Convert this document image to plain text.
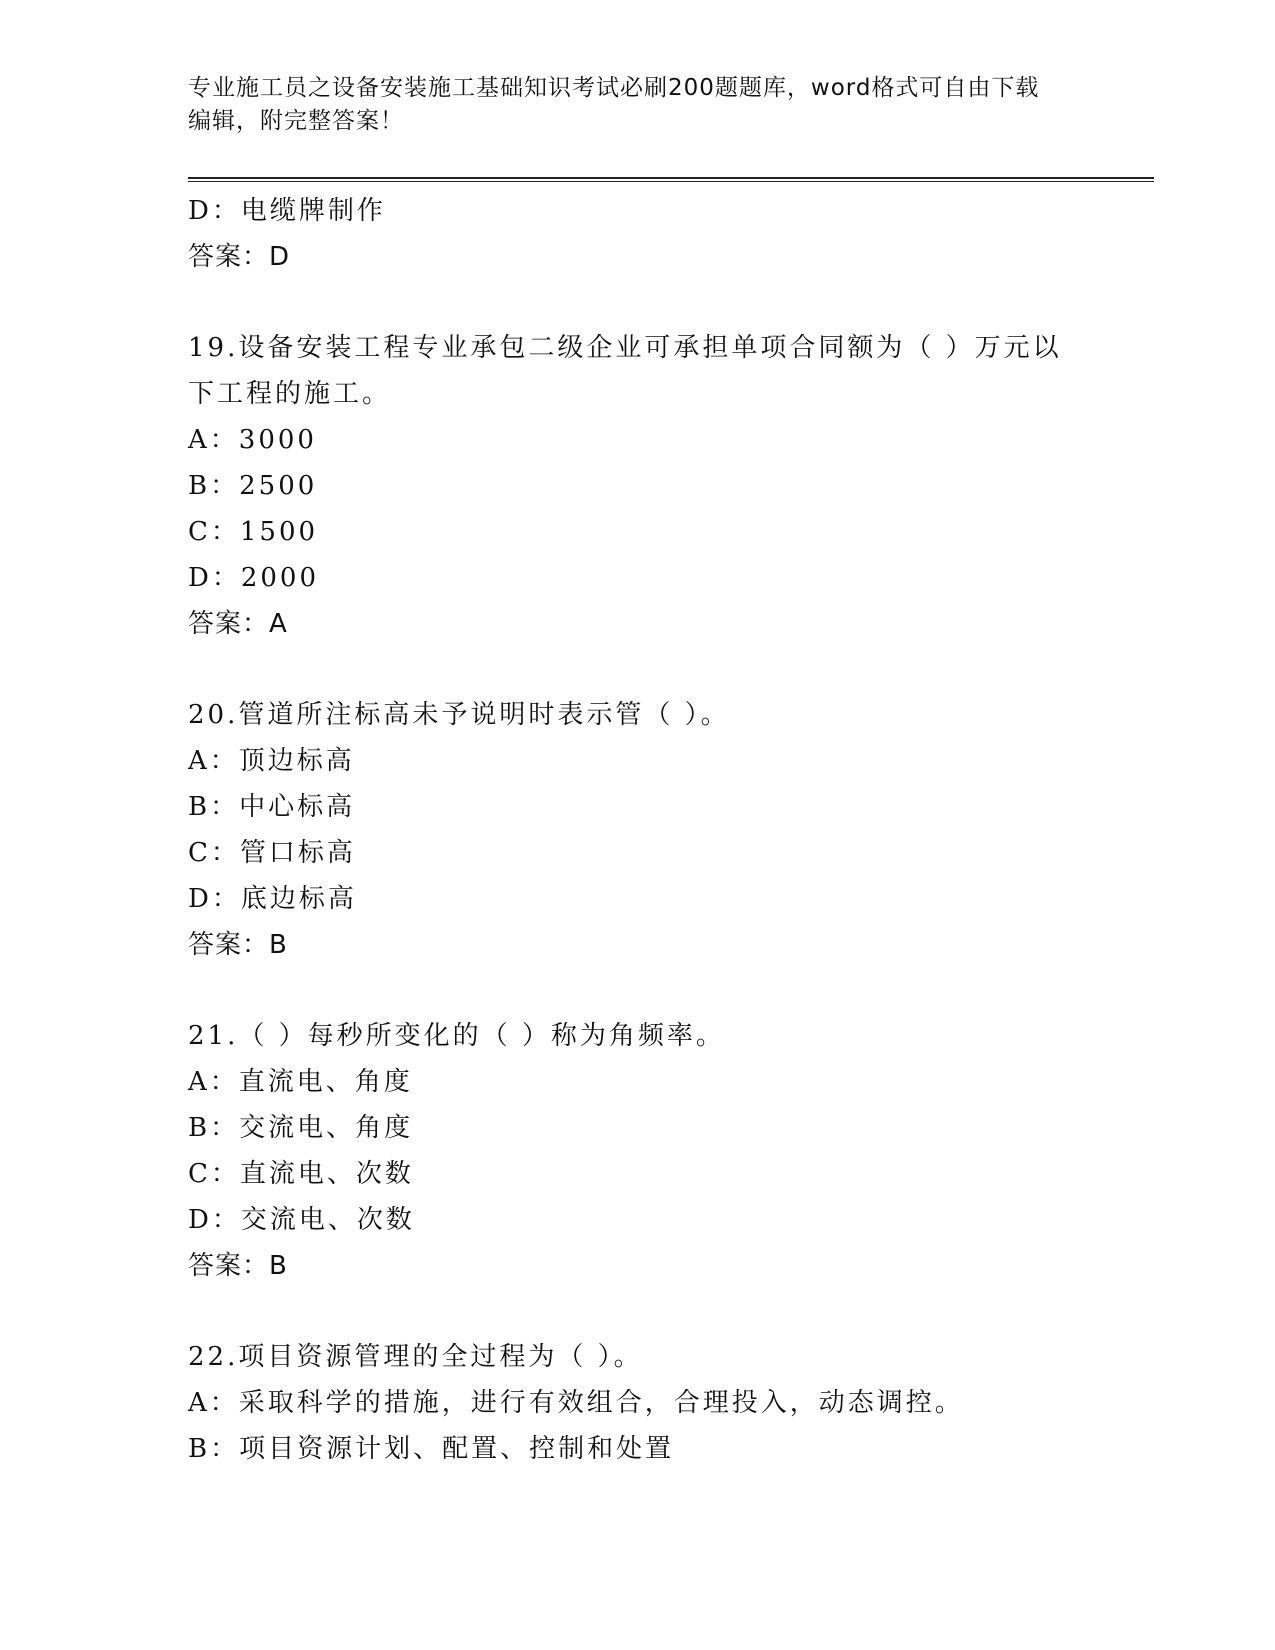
专业施工员之设备安装施工基础知识考试必刷200题题库，word格式可自由下载
编辑，附完整答案！
D：电缆牌制作
答案：D
19.设备安装工程专业承包二级企业可承担单项合同额为（ ）万元以
下工程的施工。
A：3000
B：2500
C：1500
D：2000
答案：A
20.管道所注标高未予说明时表示管（ ）。
A：顶边标高
B：中心标高
C：管口标高
D：底边标高
答案：B
21.（ ）每秒所变化的（ ）称为角频率。
A：直流电、角度
B：交流电、角度
C：直流电、次数
D：交流电、次数
答案：B
22.项目资源管理的全过程为（ ）。
A：采取科学的措施，进行有效组合，合理投入，动态调控。
B：项目资源计划、配置、控制和处置
